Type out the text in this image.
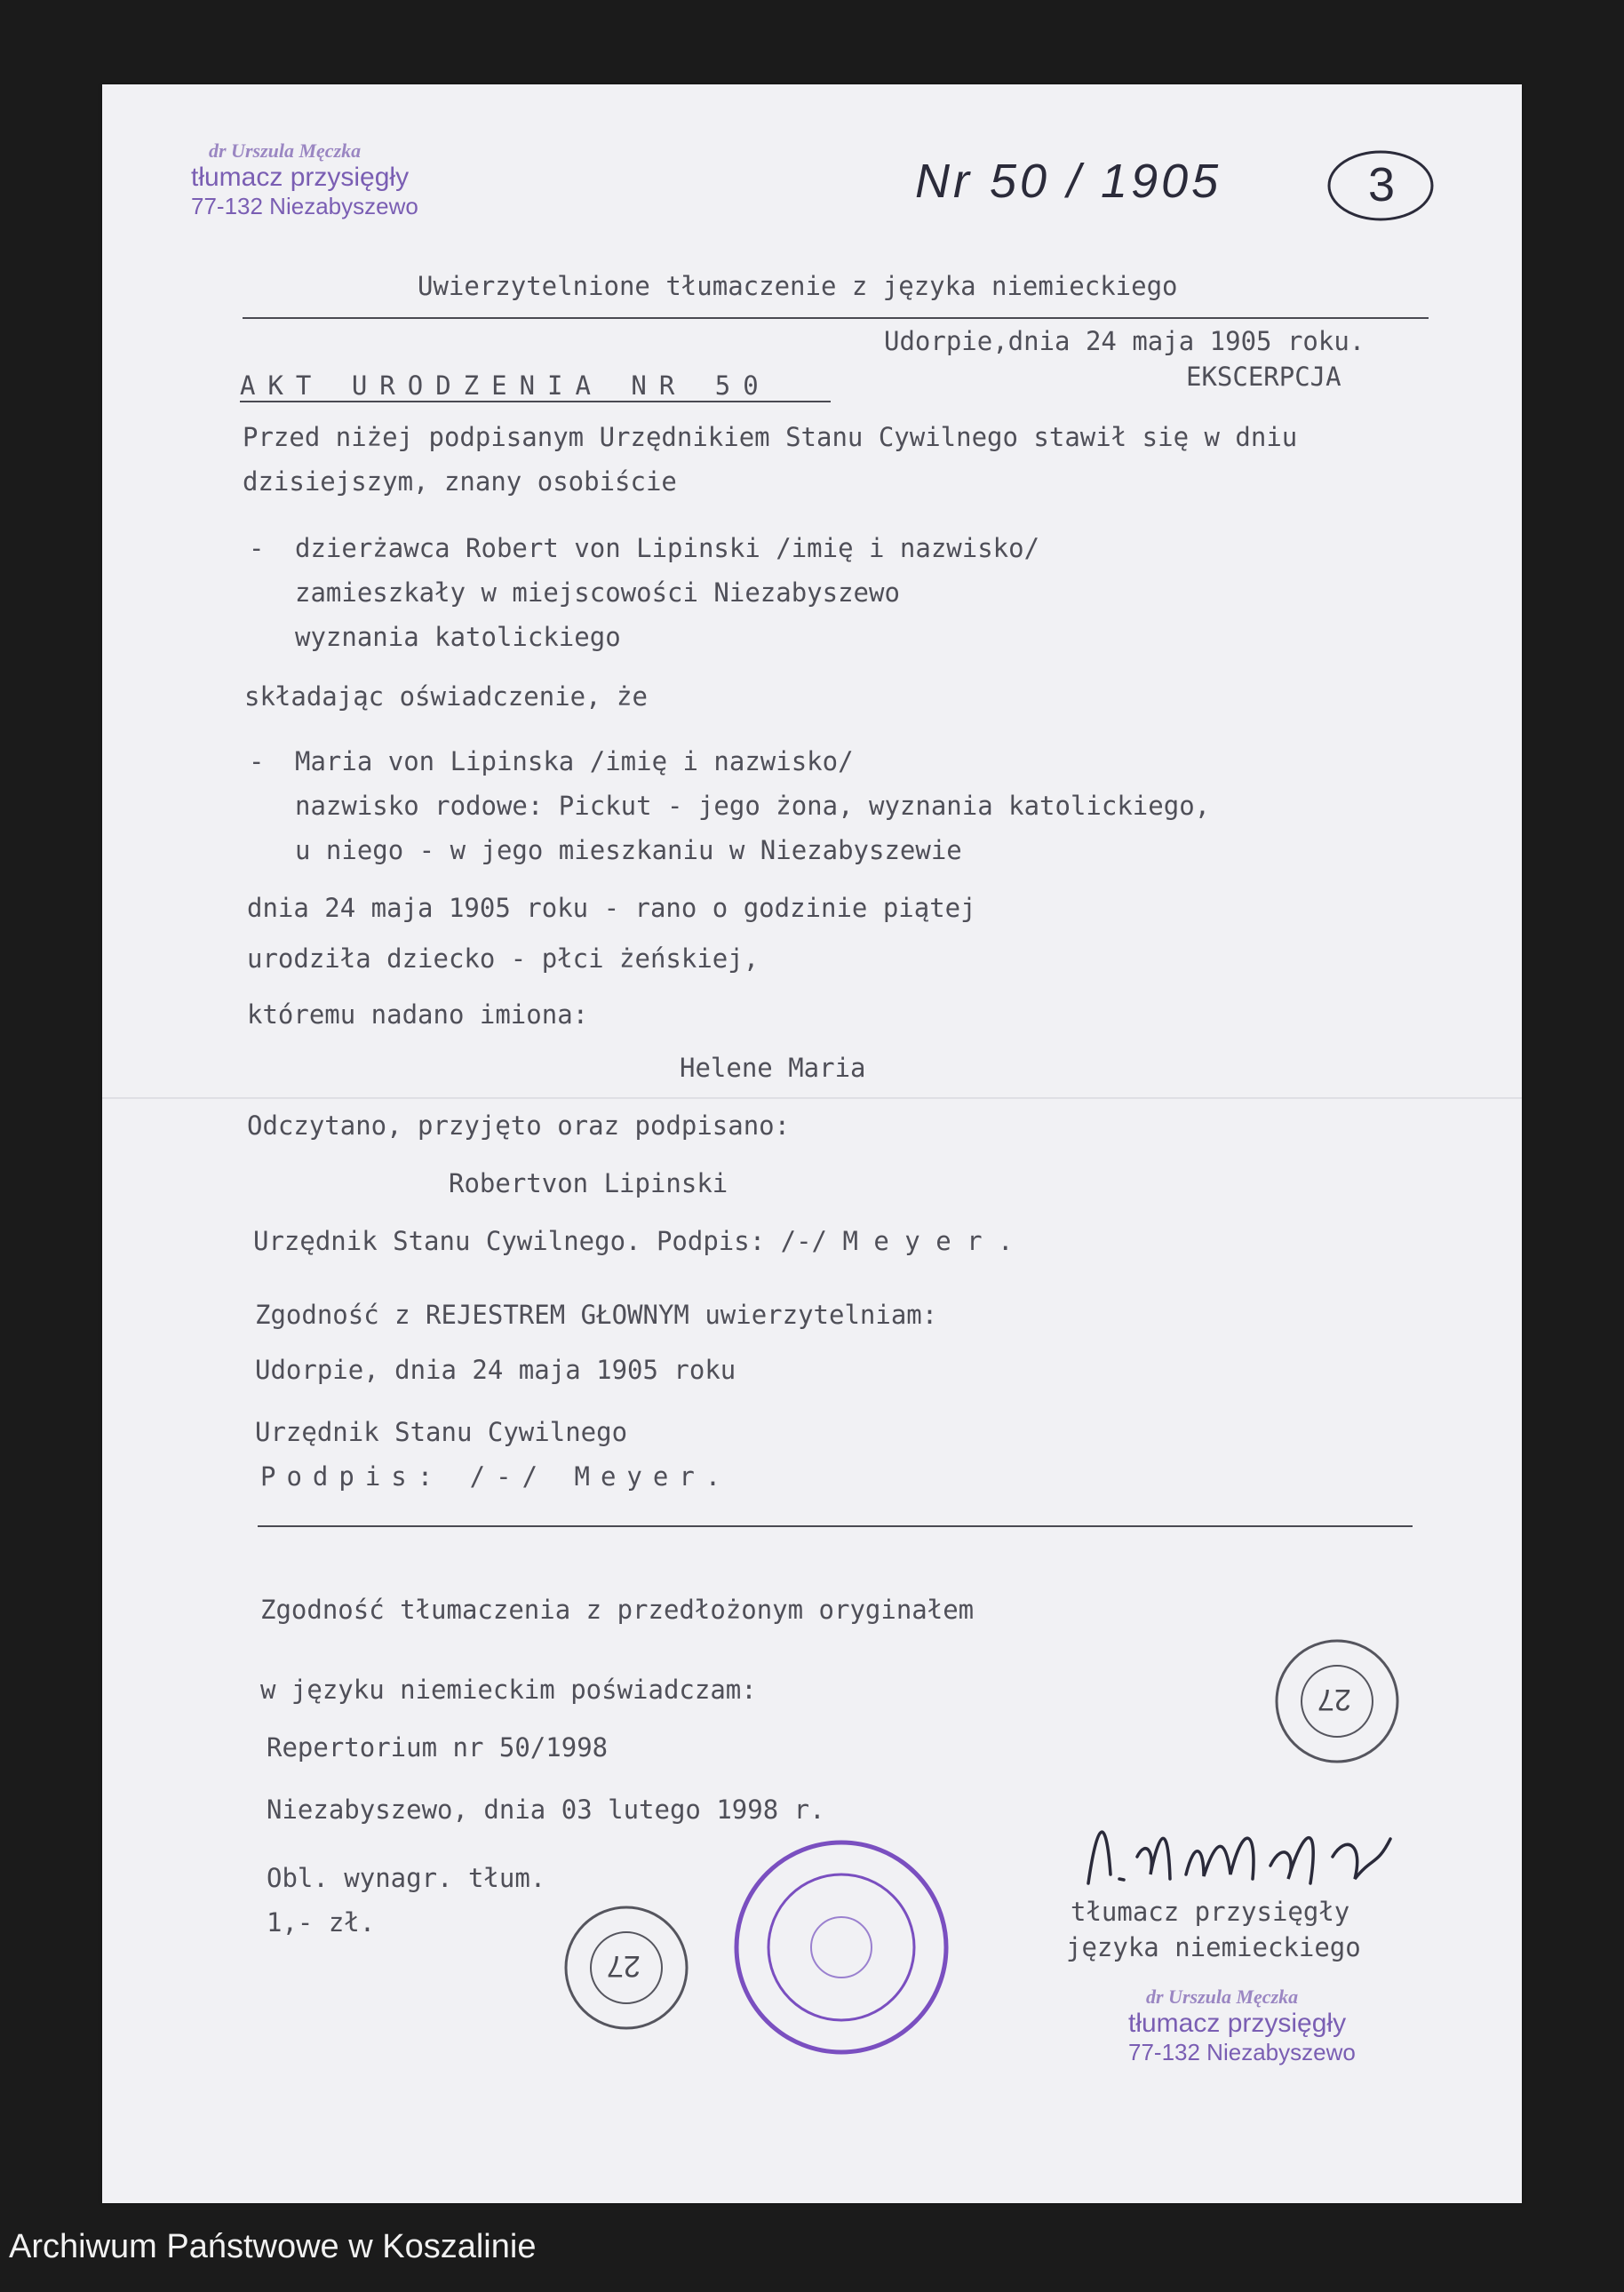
dr Urszula Męczka
tłumacz przysięgły
77-132 Niezabyszewo	Nr 50 / 1905	3
Uwierzytelnione tłumaczenie z języka niemieckiego
Udorpie,dnia 24 maja 1905 roku.
AKT URODZENIA NR 50	EKSCERPCJA
Przed niżej podpisanym Urzędnikiem Stanu Cywilnego stawił się w dniu
dzisiejszym, znany osobiście
- dzierżawca Robert von Lipinski /imię i nazwisko/
zamieszkały w miejscowości Niezabyszewo
wyznania katolickiego
składając oświadczenie, że
- Maria von Lipinska /imię i nazwisko/
nazwisko rodowe: Pickut - jego żona, wyznania katolickiego,
u niego - w jego mieszkaniu w Niezabyszewie
dnia 24 maja 1905 roku - rano o godzinie piątej
urodziła dziecko - płci żeńskiej,
któremu nadano imiona:
Helene Maria
Odczytano, przyjęto oraz podpisano:
Robertvon Lipinski
Urzędnik Stanu Cywilnego. Podpis: /-/ M e y e r .
Zgodność z REJESTREM GŁOWNYM uwierzytelniam:
Udorpie, dnia 24 maja 1905 roku
Urzędnik Stanu Cywilnego
Podpis: /-/ Meyer.
Zgodność tłumaczenia z przedłożonym oryginałem
w języku niemieckim poświadczam:
Repertorium nr 50/1998
Niezabyszewo, dnia 03 lutego 1998 r.
Obl. wynagr. tłum.
1,- zł.
27
27
tłumacz przysięgły
języka niemieckiego
dr Urszula Męczka
tłumacz przysięgły
77-132 Niezabyszewo
Archiwum Państwowe w Koszalinie
